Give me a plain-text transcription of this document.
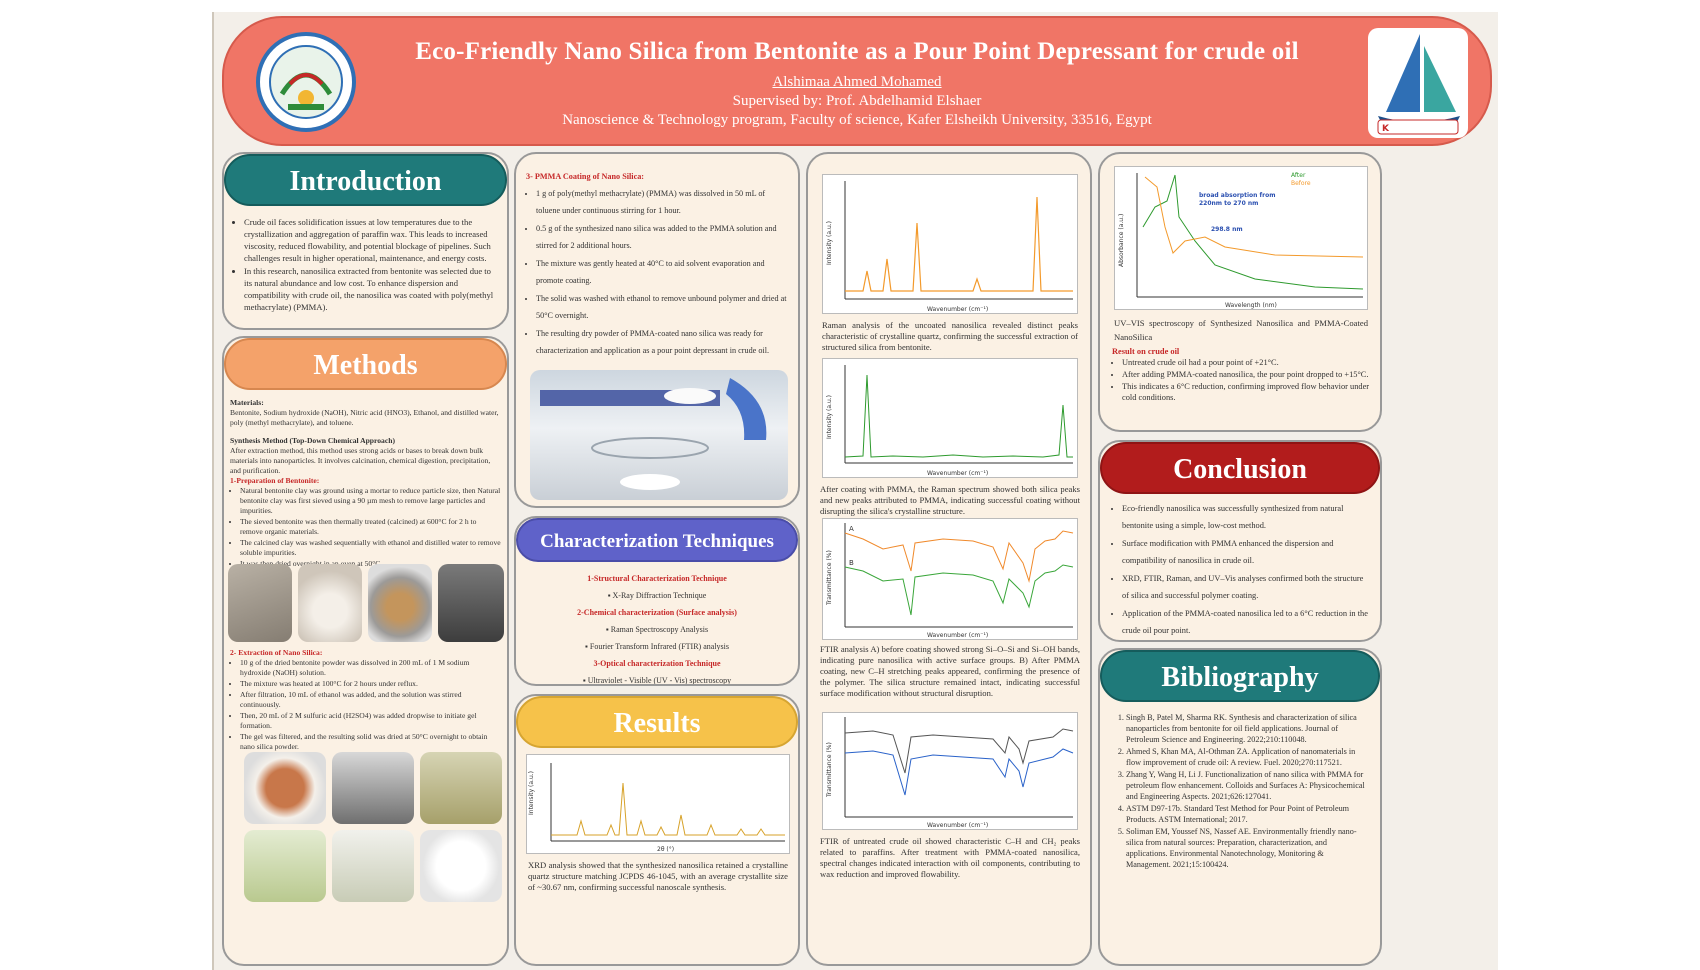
Eco-Friendly Nano Silica from Bentonite as a Pour Point Depressant for crude oil
Alshimaa Ahmed Mohamed
Supervised by: Prof. Abdelhamid Elshaer
Nanoscience & Technology program, Faculty of science, Kafer Elsheikh University, 33516, Egypt
K
Introduction
• Crude oil faces solidification issues at low temperatures due to the crystallization and aggregation of paraffin wax. This leads to increased viscosity, reduced flowability, and potential blockage of pipelines. Such challenges result in higher operational, maintenance, and energy costs.
• In this research, nanosilica extracted from bentonite was selected due to its natural abundance and low cost. To enhance dispersion and compatibility with crude oil, the nanosilica was coated with poly(methyl methacrylate) (PMMA).
Methods
Materials:
Bentonite, Sodium hydroxide (NaOH), Nitric acid (HNO3), Ethanol, and distilled water, poly (methyl methacrylate), and toluene.
Synthesis Method (Top-Down Chemical Approach)
After extraction method, this method uses strong acids or bases to break down bulk materials into nanoparticles. It involves calcination, chemical digestion, precipitation, and purification.
1-Preparation of Bentonite:
• Natural bentonite clay was ground using a mortar to reduce particle size, then Natural bentonite clay was first sieved using a 90 µm mesh to remove large particles and impurities.
• The sieved bentonite was then thermally treated (calcined) at 600°C for 2 h to remove organic materials.
• The calcined clay was washed sequentially with ethanol and distilled water to remove soluble impurities.
• at 50°C.
2- Extraction of Nano Silica:
• 10 g of the dried bentonite powder was dissolved in 200 mL of 1 M sodium hydroxide (NaOH) solution.
• The mixture was heated at 100°C for 2 hours under reflux.
• After filtration, 10 mL of ethanol was added, and the solution was stirred continuously.
• Then, 20 mL of 2 M sulfuric acid (H2SO4) was added dropwise to initiate gel formation.
• The gel was filtered, and the resulting solid was dried at 50°C overnight to obtain nano silica powder.
3- PMMA Coating of Nano Silica:
• 1 g of poly(methyl methacrylate) (PMMA) was dissolved in 50 mL of toluene under continuous stirring for 1 hour.
• 0.5 g of the synthesized nano silica was added to the PMMA solution and stirred for 2 additional hours.
• The mixture was gently heated at 40°C to aid solvent evaporation and promote coating.
• The solid was washed with ethanol to remove unbound polymer and dried at 50°C overnight.
• The resulting dry powder of PMMA-coated nano silica was ready for characterization and application as a pour point depressant in crude oil.
Characterization Techniques
1-Structural Characterization Technique
▪ X-Ray Diffraction Technique
2-Chemical characterization (Surface analysis)
▪ Raman Spectroscopy Analysis
▪ Fourier Transform Infrared (FTIR) analysis
3-Optical characterization Technique
▪ Ultraviolet - Visible (UV - Vis) spectroscopy
Results
Intensity (a.u.)
2θ (°)
XRD analysis showed that the synthesized nanosilica retained a crystalline quartz structure matching JCPDS 46-1045, with an average crystallite size of ~30.67 nm, confirming successful nanoscale synthesis.
Intensity (a.u.)
Wavenumber (cm⁻¹)
Raman analysis of the uncoated nanosilica revealed distinct peaks characteristic of crystalline quartz, confirming the successful extraction of structured silica from bentonite.
Intensity (a.u.)
Wavenumber (cm⁻¹)
After coating with PMMA, the Raman spectrum showed both silica peaks and new peaks attributed to PMMA, indicating successful coating without disrupting the silica's crystalline structure.
A
B
Transmittance (%)
Wavenumber (cm⁻¹)
FTIR analysis A) before coating showed strong Si–O–Si and Si–OH bands, indicating pure nanosilica with active surface groups. B) After PMMA coating, new C–H stretching peaks appeared, confirming the presence of the polymer. The silica structure remained intact, indicating successful surface modification without structural disruption.
Transmittance (%)
Wavenumber (cm⁻¹)
FTIR of untreated crude oil showed characteristic C–H and CH₂ peaks related to paraffins. After treatment with PMMA-coated nanosilica, spectral changes indicated interaction with oil components, contributing to wax reduction and improved flowability.
After
Before
broad absorption from
220nm to 270 nm
298.8 nm
Absorbance (a.u.)
Wavelength (nm)
UV–VIS spectroscopy of Synthesized Nanosilica and PMMA-Coated NanoSilica
Result on crude oil
• Untreated crude oil had a pour point of +21°C.
• After adding PMMA-coated nanosilica, the pour point dropped to +15°C.
• This indicates a 6°C reduction, confirming improved flow behavior under cold conditions.
Conclusion
• Eco-friendly nanosilica was successfully synthesized from natural bentonite using a simple, low-cost method.
• Surface modification with PMMA enhanced the dispersion and compatibility of nanosilica in crude oil.
• XRD, FTIR, Raman, and UV–Vis analyses confirmed both the structure of silica and successful polymer coating.
• Application of the PMMA-coated nanosilica led to a 6°C reduction in the crude oil pour point.
Bibliography
1. Singh B, Patel M, Sharma RK. Synthesis and characterization of silica nanoparticles from bentonite for oil field applications. Journal of Petroleum Science and Engineering. 2022;210:110048.
2. Ahmed S, Khan MA, Al-Othman ZA. Application of nanomaterials in flow improvement of crude oil: A review. Fuel. 2020;270:117521.
3. Zhang Y, Wang H, Li J. Functionalization of nano silica with PMMA for petroleum flow enhancement. Colloids and Surfaces A: Physicochemical and Engineering Aspects. 2021;626:127041.
4. ASTM D97-17b. Standard Test Method for Pour Point of Petroleum Products. ASTM International; 2017.
5. Soliman EM, Youssef NS, Nassef AE. Environmentally friendly nano-silica from natural sources: Preparation, characterization, and applications. Environmental Nanotechnology, Monitoring & Management. 2021;15:100424.
